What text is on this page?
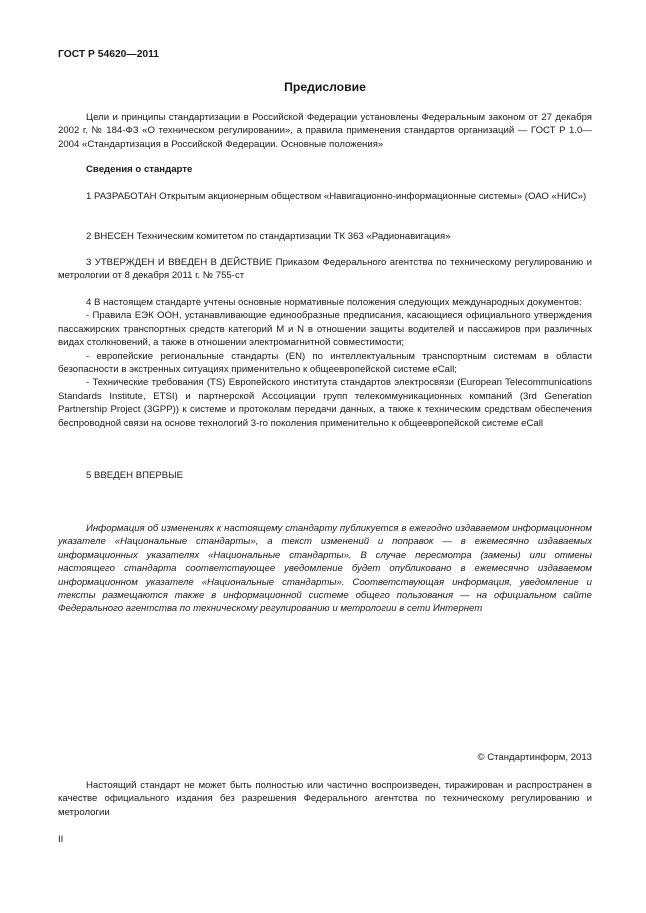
ГОСТ Р 54620—2011
Предисловие

Цели и принципы стандартизации в Российской Федерации установлены Федеральным законом от 27 декабря 2002 г. № 184-ФЗ «О техническом регулировании», а правила применения стандартов организаций — ГОСТ Р 1.0—2004 «Стандартизация в Российской Федерации. Основные положения»

Сведения о стандарте

1 РАЗРАБОТАН Открытым акционерным обществом «Навигационно-информационные системы» (ОАО «НИС»)

2 ВНЕСЕН Техническим комитетом по стандартизации ТК 363 «Радионавигация»

3 УТВЕРЖДЕН И ВВЕДЕН В ДЕЙСТВИЕ Приказом Федерального агентства по техническому регулированию и метрологии от 8 декабря 2011 г. № 755-ст

4 В настоящем стандарте учтены основные нормативные положения следующих международных документов:

- Правила ЕЭК ООН, устанавливающие единообразные предписания, касающиеся официального утверждения пассажирских транспортных средств категорий M и N в отношении защиты водителей и пассажиров при различных видах столкновений, а также в отношении электромагнитной совместимости;

- европейские региональные стандарты (EN) по интеллектуальным транспортным системам в области безопасности в экстренных ситуациях применительно к общеевропейской системе eCall;

- Технические требования (TS) Европейского института стандартов электросвязи (European Telecommunications Standards Institute, ETSI) и партнерской Ассоциации групп телекоммуникационных компаний (3rd Generation Partnership Project (3GPP)) к системе и протоколам передачи данных, а также к техническим средствам обеспечения беспроводной связи на основе технологий 3-го поколения применительно к общеевропейской системе eCall

5 ВВЕДЕН ВПЕРВЫЕ

Информация об изменениях к настоящему стандарту публикуется в ежегодно издаваемом информационном указателе «Национальные стандарты», а текст изменений и поправок — в ежемесячно издаваемых информационных указателях «Национальные стандарты». В случае пересмотра (замены) или отмены настоящего стандарта соответствующее уведомление будет опубликовано в ежемесячно издаваемом информационном указателе «Национальные стандарты». Соответствующая информация, уведомление и тексты размещаются также в информационной системе общего пользования — на официальном сайте Федерального агентства по техническому регулированию и метрологии в сети Интернет

© Стандартинформ, 2013

Настоящий стандарт не может быть полностью или частично воспроизведен, тиражирован и распространен в качестве официального издания без разрешения Федерального агентства по техническому регулированию и метрологии

II
